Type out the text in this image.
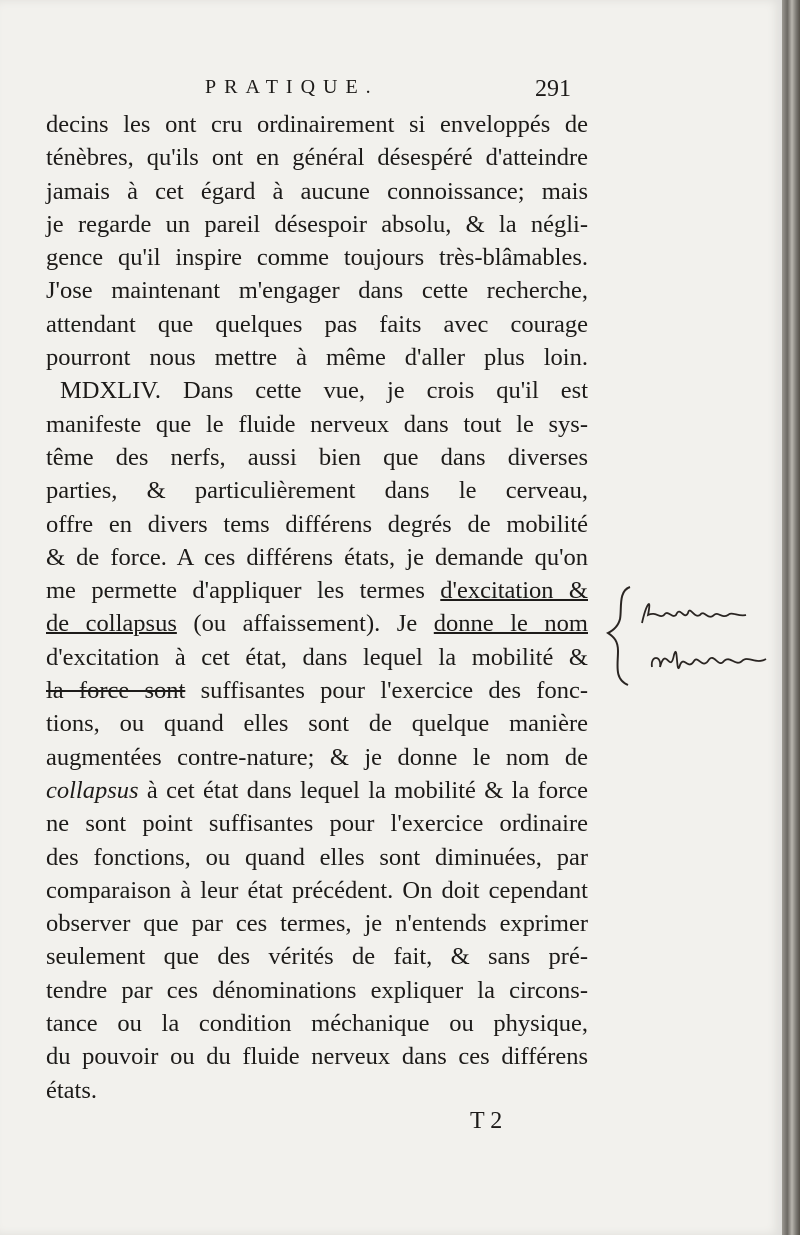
PRATIQUE.	291
decins les ont cru ordinairement si enveloppés de
ténèbres, qu'ils ont en général désespéré d'atteindre
jamais à cet égard à aucune connoissance; mais
je regarde un pareil désespoir absolu, & la négli-
gence qu'il inspire comme toujours très-blâmables.
J'ose maintenant m'engager dans cette recherche,
attendant que quelques pas faits avec courage
pourront nous mettre à même d'aller plus loin.
MDXLIV. Dans cette vue, je crois qu'il est
manifeste que le fluide nerveux dans tout le sys-
tême des nerfs, aussi bien que dans diverses
parties, & particulièrement dans le cerveau,
offre en divers tems différens degrés de mobilité
& de force. A ces différens états, je demande qu'on
me permette d'appliquer les termes d'excitation &
de collapsus (ou affaissement). Je donne le nom
d'excitation à cet état, dans lequel la mobilité &
la force sont suffisantes pour l'exercice des fonc-
tions, ou quand elles sont de quelque manière
augmentées contre-nature; & je donne le nom de
collapsus à cet état dans lequel la mobilité & la force
ne sont point suffisantes pour l'exercice ordinaire
des fonctions, ou quand elles sont diminuées, par
comparaison à leur état précédent. On doit cependant
observer que par ces termes, je n'entends exprimer
seulement que des vérités de fait, & sans pré-
tendre par ces dénominations expliquer la circons-
tance ou la condition méchanique ou physique,
du pouvoir ou du fluide nerveux dans ces différens
états.
T 2
